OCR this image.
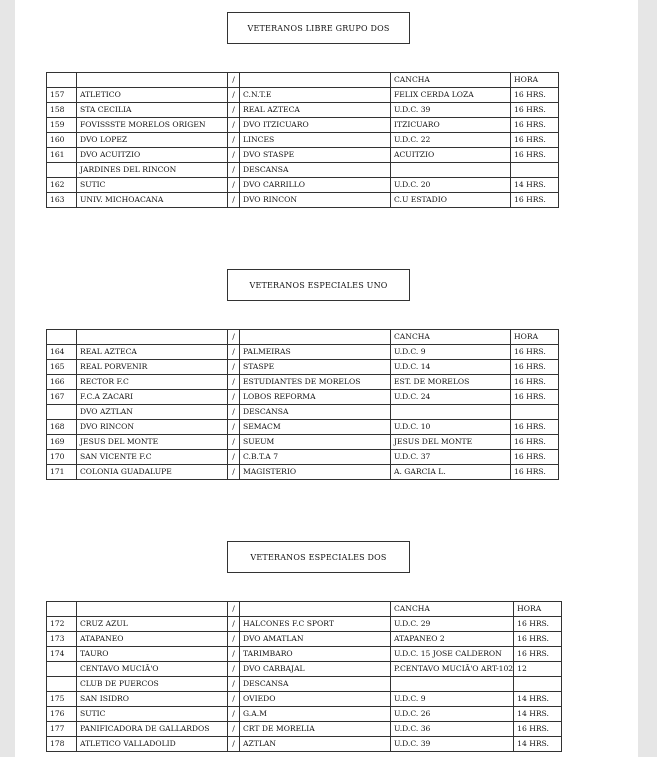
VETERANOS LIBRE GRUPO DOS
		/		CANCHA	HORA
157	ATLETICO	/	C.N.T.E	FELIX CERDA LOZA	16 HRS.
158	STA CECILIA	/	REAL AZTECA	U.D.C. 39	16 HRS.
159	FOVISSSTE MORELOS ORIGEN	/	DVO ITZICUARO	ITZICUARO	16 HRS.
160	DVO LOPEZ	/	LINCES	U.D.C. 22	16 HRS.
161	DVO ACUITZIO	/	DVO STASPE	ACUITZIO	16 HRS.
	JARDINES DEL RINCON	/	DESCANSA		
162	SUTIC	/	DVO CARRILLO	U.D.C. 20	14 HRS.
163	UNIV. MICHOACANA	/	DVO RINCON	C.U ESTADIO	16 HRS.
VETERANOS ESPECIALES UNO
		/		CANCHA	HORA
164	REAL AZTECA	/	PALMEIRAS	U.D.C. 9	16 HRS.
165	REAL PORVENIR	/	STASPE	U.D.C. 14	16 HRS.
166	RECTOR F.C	/	ESTUDIANTES DE MORELOS	EST. DE MORELOS	16 HRS.
167	F.C.A ZACARI	/	LOBOS REFORMA	U.D.C. 24	16 HRS.
	DVO AZTLAN	/	DESCANSA		
168	DVO RINCON	/	SEMACM	U.D.C. 10	16 HRS.
169	JESUS DEL MONTE	/	SUEUM	JESUS DEL MONTE	16 HRS.
170	SAN VICENTE F.C	/	C.B.T.A 7	U.D.C. 37	16 HRS.
171	COLONIA GUADALUPE	/	MAGISTERIO	A. GARCIA L.	16 HRS.
VETERANOS ESPECIALES DOS
		/		CANCHA	HORA
172	CRUZ AZUL	/	HALCONES F.C SPORT	U.D.C. 29	16 HRS.
173	ATAPANEO	/	DVO AMATLAN	ATAPANEO 2	16 HRS.
174	TAURO	/	TARIMBARO	U.D.C. 15 JOSE CALDERON	16 HRS.
	CENTAVO MUCIĂ'O	/	DVO CARBAJAL	P.CENTAVO MUCIĂ'O ART-102	12
	CLUB DE PUERCOS	/	DESCANSA		
175	SAN ISIDRO	/	OVIEDO	U.D.C. 9	14 HRS.
176	SUTIC	/	G.A.M	U.D.C. 26	14 HRS.
177	PANIFICADORA DE GALLARDOS	/	CRT DE MORELIA	U.D.C. 36	16 HRS.
178	ATLETICO VALLADOLID	/	AZTLAN	U.D.C. 39	14 HRS.
